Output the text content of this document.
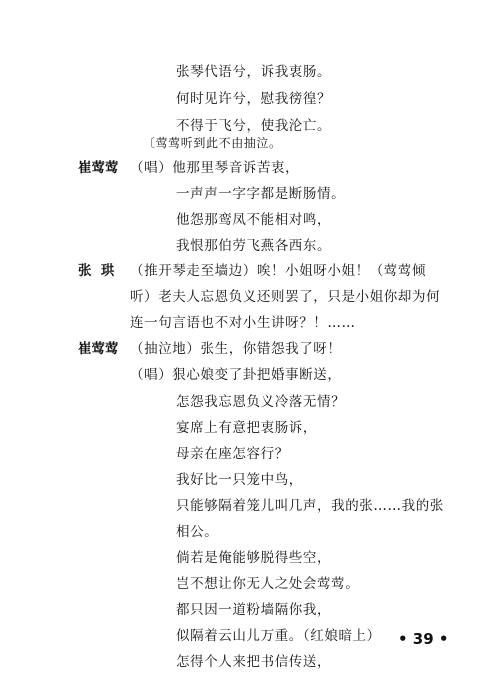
张琴代语兮，诉我衷肠。
何时见许兮，慰我徬徨？
不得于飞兮，使我沦亡。
〔莺莺听到此不由抽泣。
崔莺莺 （唱）他那里琴音诉苦衷，
一声声一字字都是断肠情。
他怨那鸾凤不能相对鸣，
我恨那伯劳飞燕各西东。
张  珙 （推开琴走至墙边）唉！小姐呀小姐！（莺莺倾
听）老夫人忘恩负义还则罢了，只是小姐你却为何
连一句言语也不对小生讲呀？！……
崔莺莺 （抽泣地）张生，你错怨我了呀！
（唱）狠心娘变了卦把婚事断送，
怎怨我忘恩负义冷落无情？
宴席上有意把衷肠诉，
母亲在座怎容行？
我好比一只笼中鸟，
只能够隔着笼儿叫几声，我的张……我的张
相公。
倘若是俺能够脱得些空，
岂不想让你无人之处会莺莺。
都只因一道粉墙隔你我，
似隔着云山儿万重。（红娘暗上）
怎得个人来把书信传送，
• 39 •
